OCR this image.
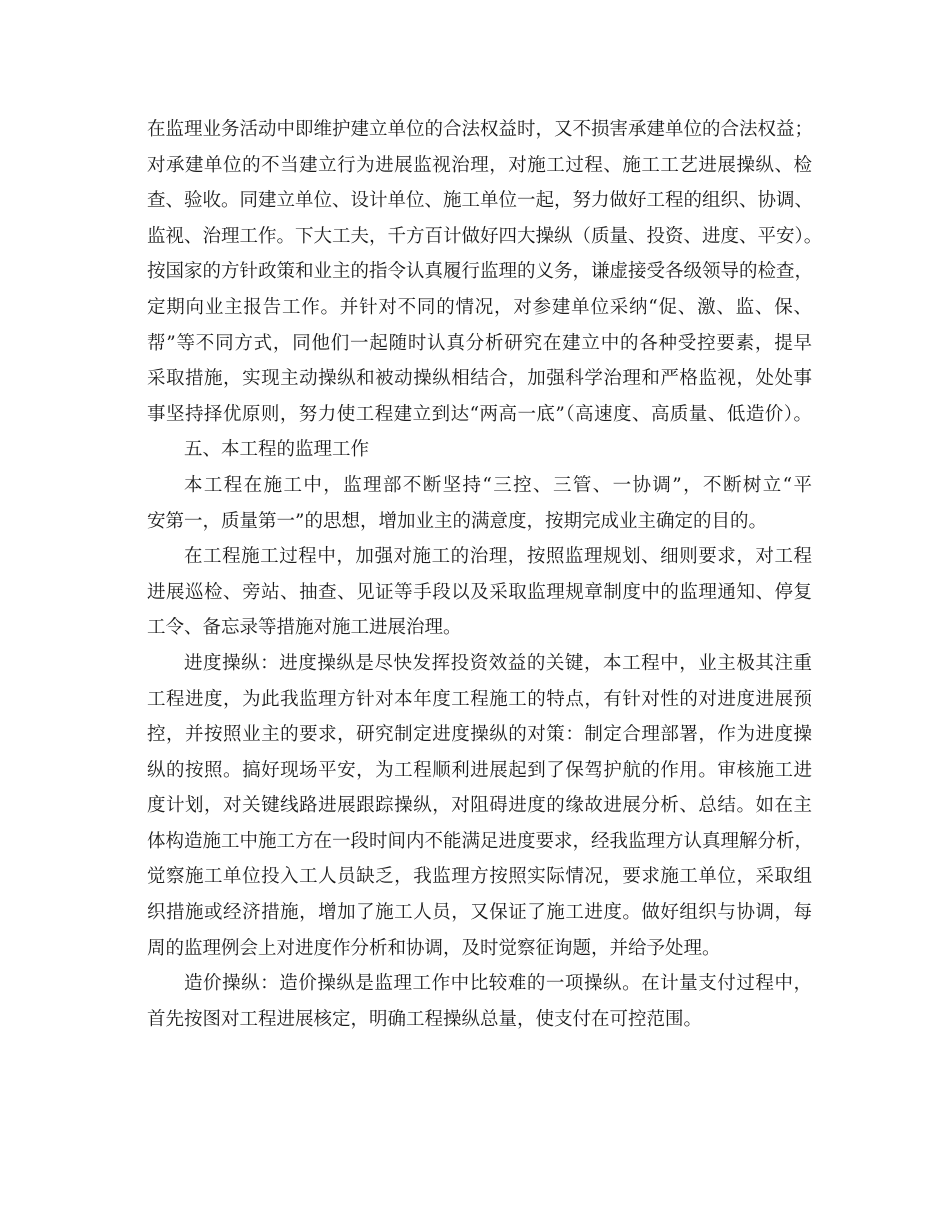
在监理业务活动中即维护建立单位的合法权益时，又不损害承建单位的合法权益；
对承建单位的不当建立行为进展监视治理，对施工过程、施工工艺进展操纵、检
查、验收。同建立单位、设计单位、施工单位一起，努力做好工程的组织、协调、
监视、治理工作。下大工夫，千方百计做好四大操纵（质量、投资、进度、平安）。
按国家的方针政策和业主的指令认真履行监理的义务，谦虚接受各级领导的检查，
定期向业主报告工作。并针对不同的情况，对参建单位采纳“促、激、监、保、
帮”等不同方式，同他们一起随时认真分析研究在建立中的各种受控要素，提早
采取措施，实现主动操纵和被动操纵相结合，加强科学治理和严格监视，处处事
事坚持择优原则，努力使工程建立到达“两高一底”（高速度、高质量、低造价）。
五、本工程的监理工作
本工程在施工中，监理部不断坚持“三控、三管、一协调”，不断树立“平
安第一，质量第一”的思想，增加业主的满意度，按期完成业主确定的目的。
在工程施工过程中，加强对施工的治理，按照监理规划、细则要求，对工程
进展巡检、旁站、抽查、见证等手段以及采取监理规章制度中的监理通知、停复
工令、备忘录等措施对施工进展治理。
进度操纵：进度操纵是尽快发挥投资效益的关键，本工程中，业主极其注重
工程进度，为此我监理方针对本年度工程施工的特点，有针对性的对进度进展预
控，并按照业主的要求，研究制定进度操纵的对策：制定合理部署，作为进度操
纵的按照。搞好现场平安，为工程顺利进展起到了保驾护航的作用。审核施工进
度计划，对关键线路进展跟踪操纵，对阻碍进度的缘故进展分析、总结。如在主
体构造施工中施工方在一段时间内不能满足进度要求，经我监理方认真理解分析，
觉察施工单位投入工人员缺乏，我监理方按照实际情况，要求施工单位，采取组
织措施或经济措施，增加了施工人员，又保证了施工进度。做好组织与协调，每
周的监理例会上对进度作分析和协调，及时觉察征询题，并给予处理。
造价操纵：造价操纵是监理工作中比较难的一项操纵。在计量支付过程中，
首先按图对工程进展核定，明确工程操纵总量，使支付在可控范围。
